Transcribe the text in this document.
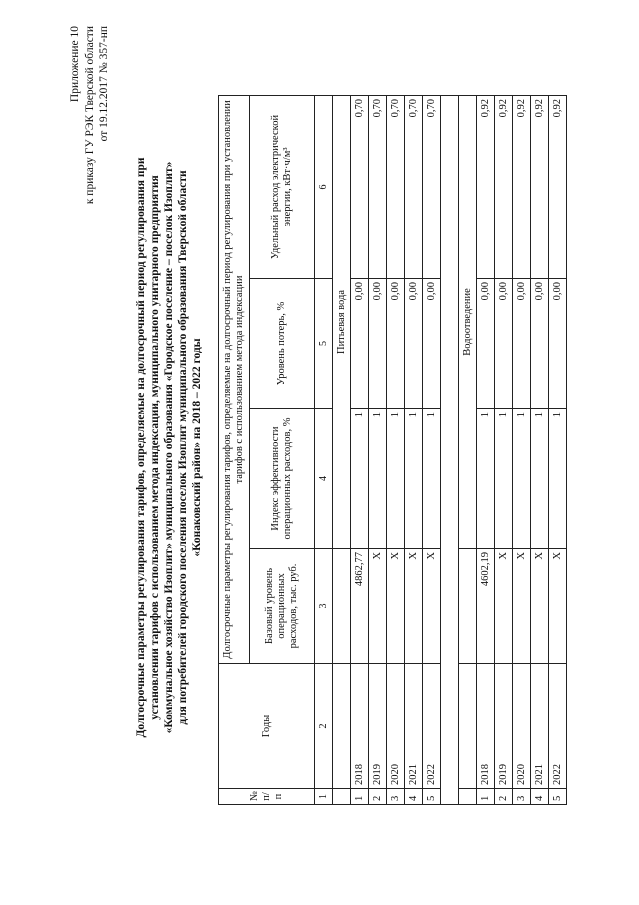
Приложение 10 к приказу ГУ РЭК Тверской области от 19.12.2017 № 357-нп
Долгосрочные параметры регулирования тарифов, определяемые на долгосрочный период регулирования при установлении тарифов с использованием метода индексации, муниципального унитарного предприятия «Коммунальное хозяйство Изоплит» муниципального образования «Городское поселение – поселок Изоплит» для потребителей городского поселения поселок Изоплит муниципального образования Тверской области «Конаковский район» на 2018 – 2022 годы
№ п/п	Годы	Долгосрочные параметры регулирования тарифов, определяемые на долгосрочный период регулирования при установлении тарифов с использованием метода индексации			
		Базовый уровень операционных расходов, тыс. руб.	Индекс эффективности операционных расходов, %	Уровень потерь, %	Удельный расход электрической энергии, кВт·ч/м³
1	2	3	4	5	6
			Питьевая вода		
1	2018	4862,77	1	0,00	0,70
2	2019	Х	1	0,00	0,70
3	2020	Х	1	0,00	0,70
4	2021	Х	1	0,00	0,70
5	2022	Х	1	0,00	0,70

			Водоотведение		
1	2018	4602,19	1	0,00	0,92
2	2019	Х	1	0,00	0,92
3	2020	Х	1	0,00	0,92
4	2021	Х	1	0,00	0,92
5	2022	Х	1	0,00	0,92
